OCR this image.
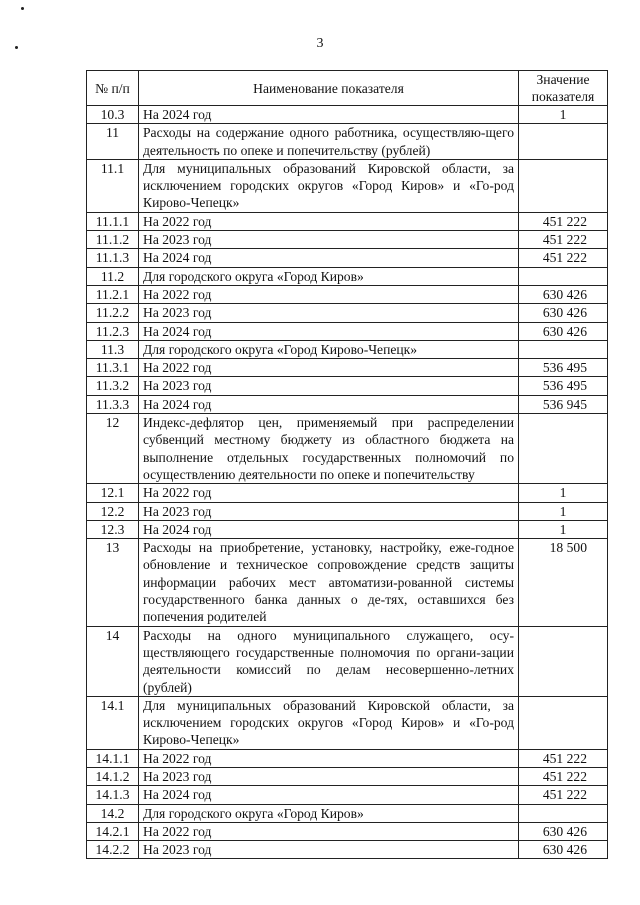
3
№ п/п	Наименование показателя	Значение показателя
10.3	На 2024 год	1
11	Расходы на содержание одного работника, осуществляю-щего деятельность по опеке и попечительству (рублей)	
11.1	Для муниципальных образований Кировской области, за исключением городских округов «Город Киров» и «Го-род Кирово-Чепецк»	
11.1.1	На 2022 год	451 222
11.1.2	На 2023 год	451 222
11.1.3	На 2024 год	451 222
11.2	Для городского округа «Город Киров»	
11.2.1	На 2022 год	630 426
11.2.2	На 2023 год	630 426
11.2.3	На 2024 год	630 426
11.3	Для городского округа «Город Кирово-Чепецк»	
11.3.1	На 2022 год	536 495
11.3.2	На 2023 год	536 495
11.3.3	На 2024 год	536 945
12	Индекс-дефлятор цен, применяемый при распределении субвенций местному бюджету из областного бюджета на выполнение отдельных государственных полномочий по осуществлению деятельности по опеке и попечительству	
12.1	На 2022 год	1
12.2	На 2023 год	1
12.3	На 2024 год	1
13	Расходы на приобретение, установку, настройку, еже-годное обновление и техническое сопровождение средств защиты информации рабочих мест автоматизи-рованной системы государственного банка данных о де-тях, оставшихся без попечения родителей	18 500
14	Расходы на одного муниципального служащего, осу-ществляющего государственные полномочия по органи-зации деятельности комиссий по делам несовершенно-летних (рублей)	
14.1	Для муниципальных образований Кировской области, за исключением городских округов «Город Киров» и «Го-род Кирово-Чепецк»	
14.1.1	На 2022 год	451 222
14.1.2	На 2023 год	451 222
14.1.3	На 2024 год	451 222
14.2	Для городского округа «Город Киров»	
14.2.1	На 2022 год	630 426
14.2.2	На 2023 год	630 426
